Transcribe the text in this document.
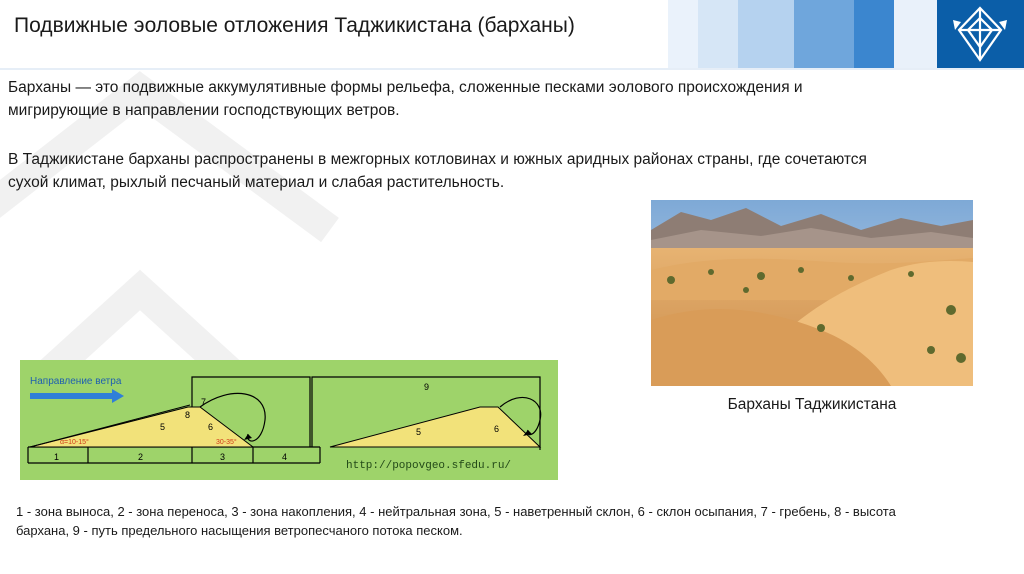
Подвижные эоловые отложения Таджикистана (барханы)
Барханы — это подвижные аккумулятивные формы рельефа, сложенные песками эолового происхождения и мигрирующие в направлении господствующих ветров.
В Таджикистане барханы распространены в межгорных котловинах и южных аридных районах страны, где сочетаются сухой климат, рыхлый песчаный материал и слабая растительность.
Барханы Таджикистана
Направление ветра
1	2	3	4
5	6
7
8
9
5	6
α=10-15°	30-35°
http://popovgeo.sfedu.ru/
1 - зона выноса, 2 - зона переноса, 3 - зона накопления, 4 - нейтральная зона, 5 - наветренный склон, 6 - склон осыпания, 7 - гребень, 8 - высота бархана, 9 - путь предельного насыщения ветропесчаного потока песком.
